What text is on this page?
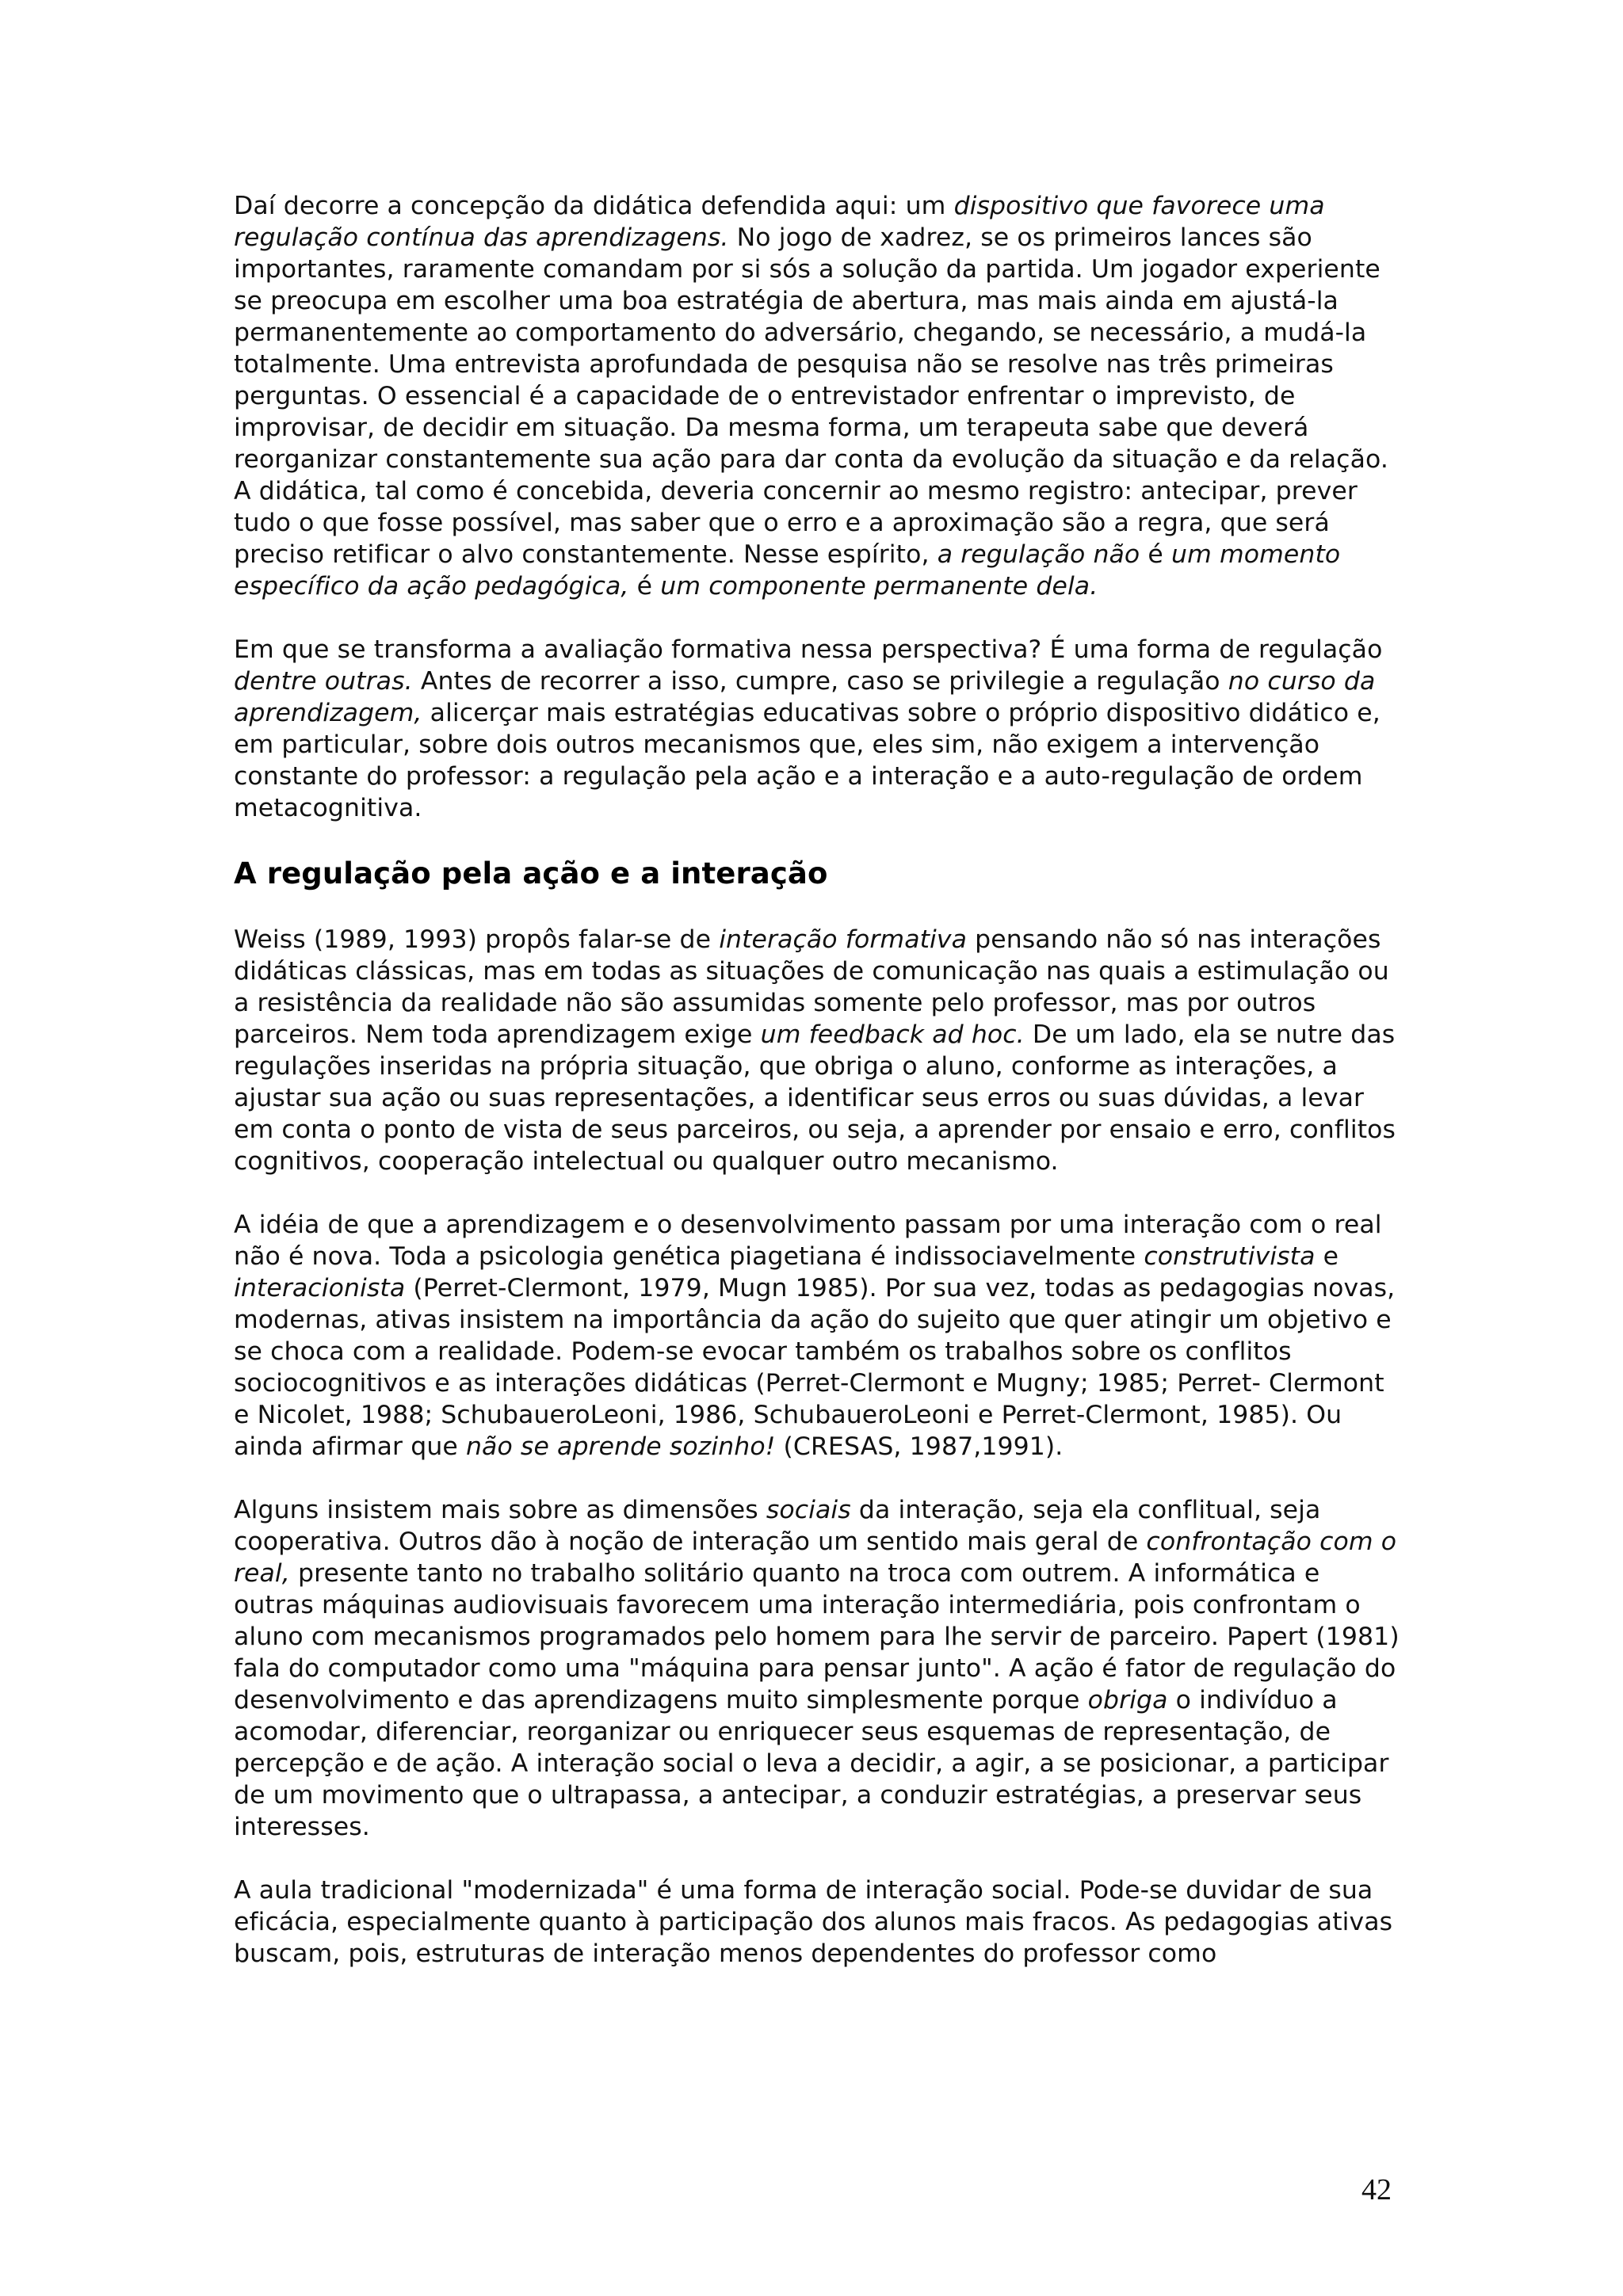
Daí decorre a concepção da didática defendida aqui: um dispositivo que favorece uma regulação contínua das aprendizagens. No jogo de xadrez, se os primeiros lances são importantes, raramente comandam por si sós a solução da partida. Um jogador experiente se preocupa em escolher uma boa estratégia de abertura, mas mais ainda em ajustá-la permanentemente ao comportamento do adversário, chegando, se necessário, a mudá-la totalmente. Uma entrevista aprofundada de pesquisa não se resolve nas três primeiras perguntas. O essencial é a capacidade de o entrevistador enfrentar o imprevisto, de improvisar, de decidir em situação. Da mesma forma, um terapeuta sabe que deverá reorganizar constantemente sua ação para dar conta da evolução da situação e da relação. A didática, tal como é concebida, deveria concernir ao mesmo registro: antecipar, prever tudo o que fosse possível, mas saber que o erro e a aproximação são a regra, que será preciso retificar o alvo constantemente. Nesse espírito, a regulação não é um momento específico da ação pedagógica, é um componente permanente dela.

Em que se transforma a avaliação formativa nessa perspectiva? É uma forma de regulação dentre outras. Antes de recorrer a isso, cumpre, caso se privilegie a regulação no curso da aprendizagem, alicerçar mais estratégias educativas sobre o próprio dispositivo didático e, em particular, sobre dois outros mecanismos que, eles sim, não exigem a intervenção constante do professor: a regulação pela ação e a interação e a auto-regulação de ordem metacognitiva.

A regulação pela ação e a interação

Weiss (1989, 1993) propôs falar-se de interação formativa pensando não só nas interações didáticas clássicas, mas em todas as situações de comunicação nas quais a estimulação ou a resistência da realidade não são assumidas somente pelo professor, mas por outros parceiros. Nem toda aprendizagem exige um feedback ad hoc. De um lado, ela se nutre das regulações inseridas na própria situação, que obriga o aluno, conforme as interações, a ajustar sua ação ou suas representações, a identificar seus erros ou suas dúvidas, a levar em conta o ponto de vista de seus parceiros, ou seja, a aprender por ensaio e erro, conflitos cognitivos, cooperação intelectual ou qualquer outro mecanismo.

A idéia de que a aprendizagem e o desenvolvimento passam por uma interação com o real não é nova. Toda a psicologia genética piagetiana é indissociavelmente construtivista e interacionista (Perret-Clermont, 1979, Mugn 1985). Por sua vez, todas as pedagogias novas, modernas, ativas insistem na importância da ação do sujeito que quer atingir um objetivo e se choca com a realidade. Podem-se evocar também os trabalhos sobre os conflitos sociocognitivos e as interações didáticas (Perret-Clermont e Mugny; 1985; Perret- Clermont e Nicolet, 1988; SchubaueroLeoni, 1986, SchubaueroLeoni e Perret-Clermont, 1985). Ou ainda afirmar que não se aprende sozinho! (CRESAS, 1987,1991).

Alguns insistem mais sobre as dimensões sociais da interação, seja ela conflitual, seja cooperativa. Outros dão à noção de interação um sentido mais geral de confrontação com o real, presente tanto no trabalho solitário quanto na troca com outrem. A informática e outras máquinas audiovisuais favorecem uma interação intermediária, pois confrontam o aluno com mecanismos programados pelo homem para lhe servir de parceiro. Papert (1981) fala do computador como uma "máquina para pensar junto". A ação é fator de regulação do desenvolvimento e das aprendizagens muito simplesmente porque obriga o indivíduo a acomodar, diferenciar, reorganizar ou enriquecer seus esquemas de representação, de percepção e de ação. A interação social o leva a decidir, a agir, a se posicionar, a participar de um movimento que o ultrapassa, a antecipar, a conduzir estratégias, a preservar seus interesses.

A aula tradicional "modernizada" é uma forma de interação social. Pode-se duvidar de sua eficácia, especialmente quanto à participação dos alunos mais fracos. As pedagogias ativas buscam, pois, estruturas de interação menos dependentes do professor como

42
